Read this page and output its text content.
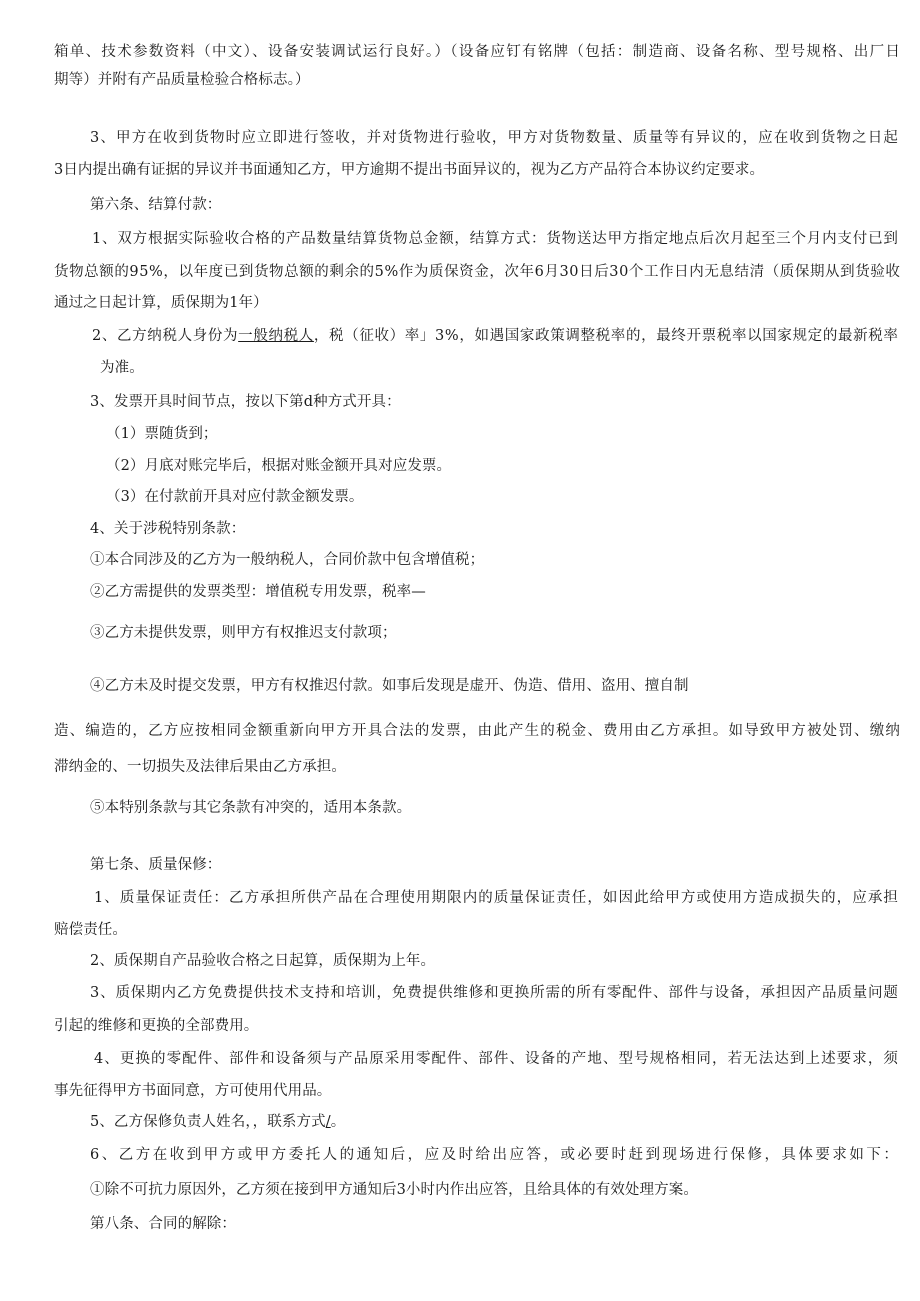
箱单、技术参数资料（中文）、设备安装调试运行良好。）（设备应钉有铭牌（包括：制造商、设备名称、型号规格、出厂日
期等）并附有产品质量检验合格标志。）
3、甲方在收到货物时应立即进行签收，并对货物进行验收，甲方对货物数量、质量等有异议的，应在收到货物之日起
3日内提出确有证据的异议并书面通知乙方，甲方逾期不提出书面异议的，视为乙方产品符合本协议约定要求。
第六条、结算付款：
1、双方根据实际验收合格的产品数量结算货物总金额，结算方式：货物送达甲方指定地点后次月起至三个月内支付已到
货物总额的95%，以年度已到货物总额的剩余的5%作为质保资金，次年6月30日后30个工作日内无息结清（质保期从到货验收
通过之日起计算，质保期为1年）
2、乙方纳税人身份为一般纳税人，税（征收）率」3%，如遇国家政策调整税率的，最终开票税率以国家规定的最新税率
为准。
3、发票开具时间节点，按以下第d种方式开具：
（1）票随货到；
（2）月底对账完毕后，根据对账金额开具对应发票。
（3）在付款前开具对应付款金额发票。
4、关于涉税特别条款：
①本合同涉及的乙方为一般纳税人，合同价款中包含增值税；
②乙方需提供的发票类型：增值税专用发票，税率—
③乙方未提供发票，则甲方有权推迟支付款项；
④乙方未及时提交发票，甲方有权推迟付款。如事后发现是虚开、伪造、借用、盗用、擅自制
造、编造的，乙方应按相同金额重新向甲方开具合法的发票，由此产生的税金、费用由乙方承担。如导致甲方被处罚、缴纳
滞纳金的、一切损失及法律后果由乙方承担。
⑤本特别条款与其它条款有冲突的，适用本条款。
第七条、质量保修：
1、质量保证责任：乙方承担所供产品在合理使用期限内的质量保证责任，如因此给甲方或使用方造成损失的，应承担
赔偿责任。
2、质保期自产品验收合格之日起算，质保期为上年。
3、质保期内乙方免费提供技术支持和培训，免费提供维修和更换所需的所有零配件、部件与设备，承担因产品质量问题
引起的维修和更换的全部费用。
4、更换的零配件、部件和设备须与产品原采用零配件、部件、设备的产地、型号规格相同，若无法达到上述要求，须
事先征得甲方书面同意，方可使用代用品。
5、乙方保修负责人姓名，，联系方式/。
6、乙方在收到甲方或甲方委托人的通知后，应及时给出应答，或必要时赶到现场进行保修，具体要求如下：
①除不可抗力原因外，乙方须在接到甲方通知后3小时内作出应答，且给具体的有效处理方案。
第八条、合同的解除：
